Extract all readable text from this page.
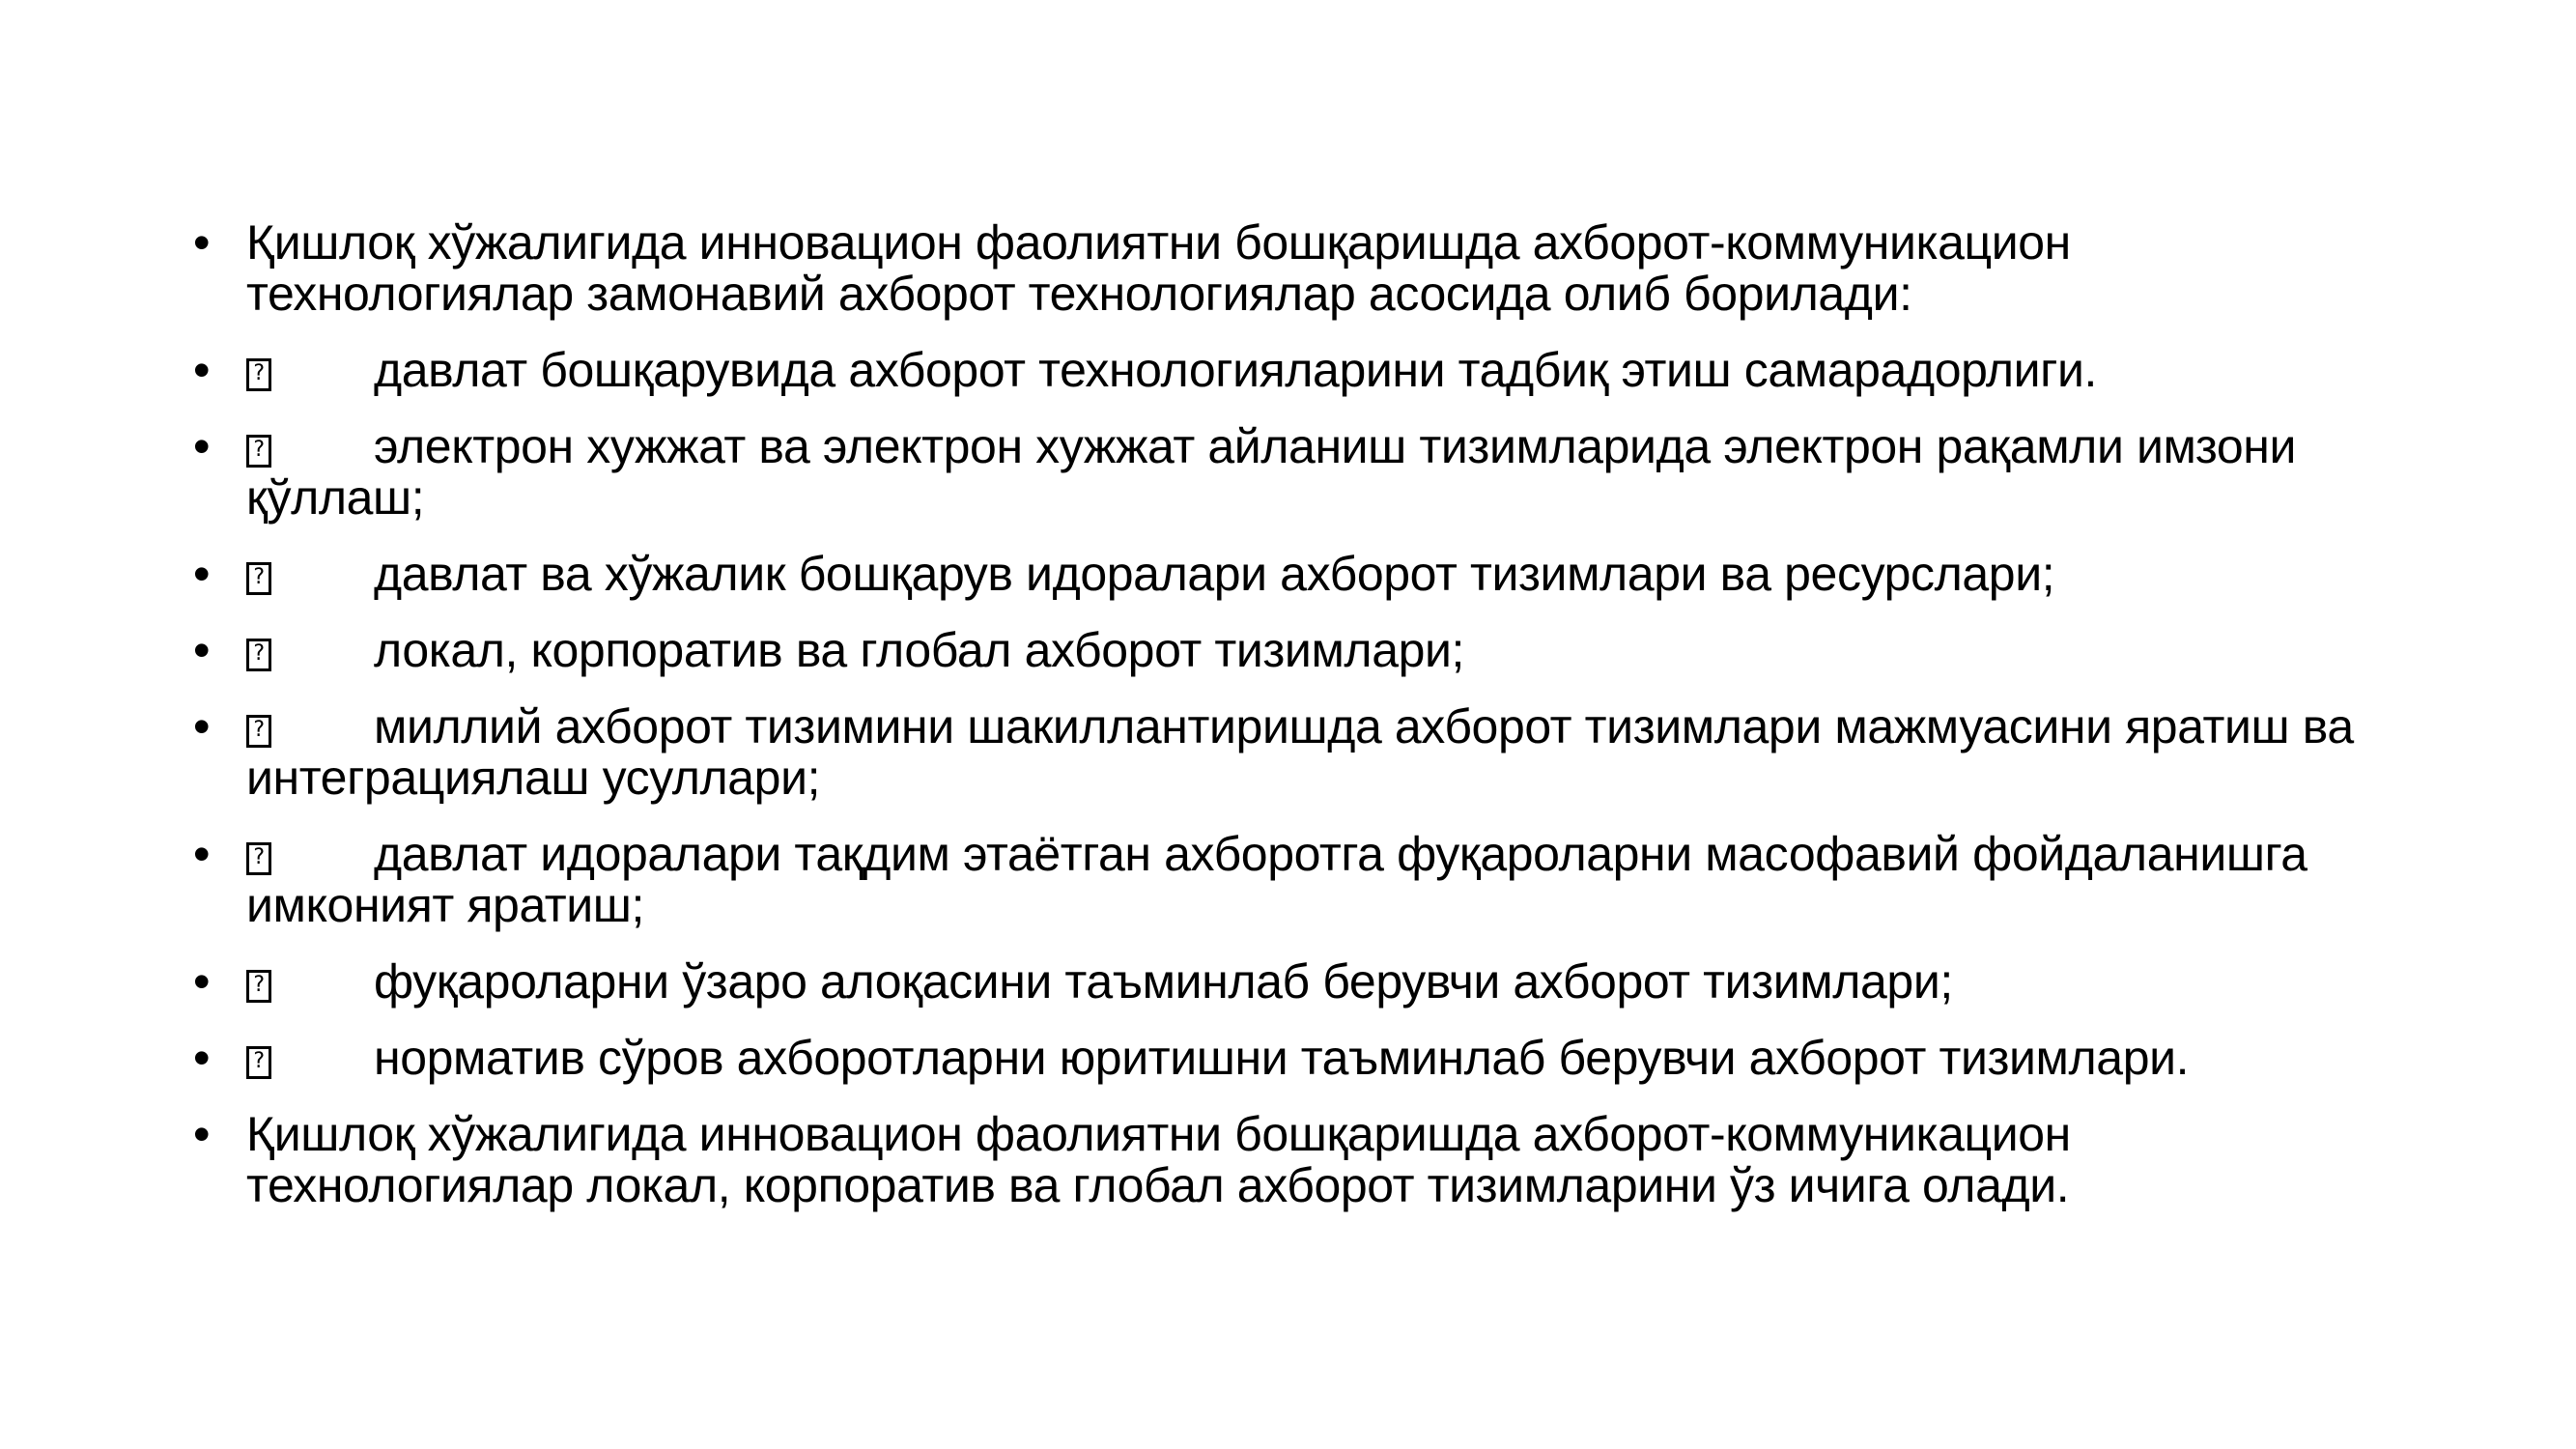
• Қишлоқ хўжалигида инновацион фаолиятни бошқаришда ахборот-коммуникацион технологиялар замонавий ахборот технологиялар асосида олиб борилади:
• ?	давлат бошқарувида ахборот технологияларини тадбиқ этиш самарадорлиги.
• ?	электрон хужжат ва электрон хужжат айланиш тизимларида электрон рақамли имзони қўллаш;
• ?	давлат ва хўжалик бошқарув идоралари ахборот тизимлари ва ресурслари;
• ?	локал, корпоратив ва глобал ахборот тизимлари;
• ?	миллий ахборот тизимини шакиллантиришда ахборот тизимлари мажмуасини яратиш ва интеграциялаш усуллари;
• ?	давлат идоралари тақдим этаётган ахборотга фуқароларни масофавий фойдаланишга имконият яратиш;
• ?	фуқароларни ўзаро алоқасини таъминлаб берувчи ахборот тизимлари;
• ?	норматив сўров ахборотларни юритишни таъминлаб берувчи ахборот тизимлари.
• Қишлоқ хўжалигида инновацион фаолиятни бошқаришда ахборот-коммуникацион технологиялар локал, корпоратив ва глобал ахборот тизимларини ўз ичига олади.
